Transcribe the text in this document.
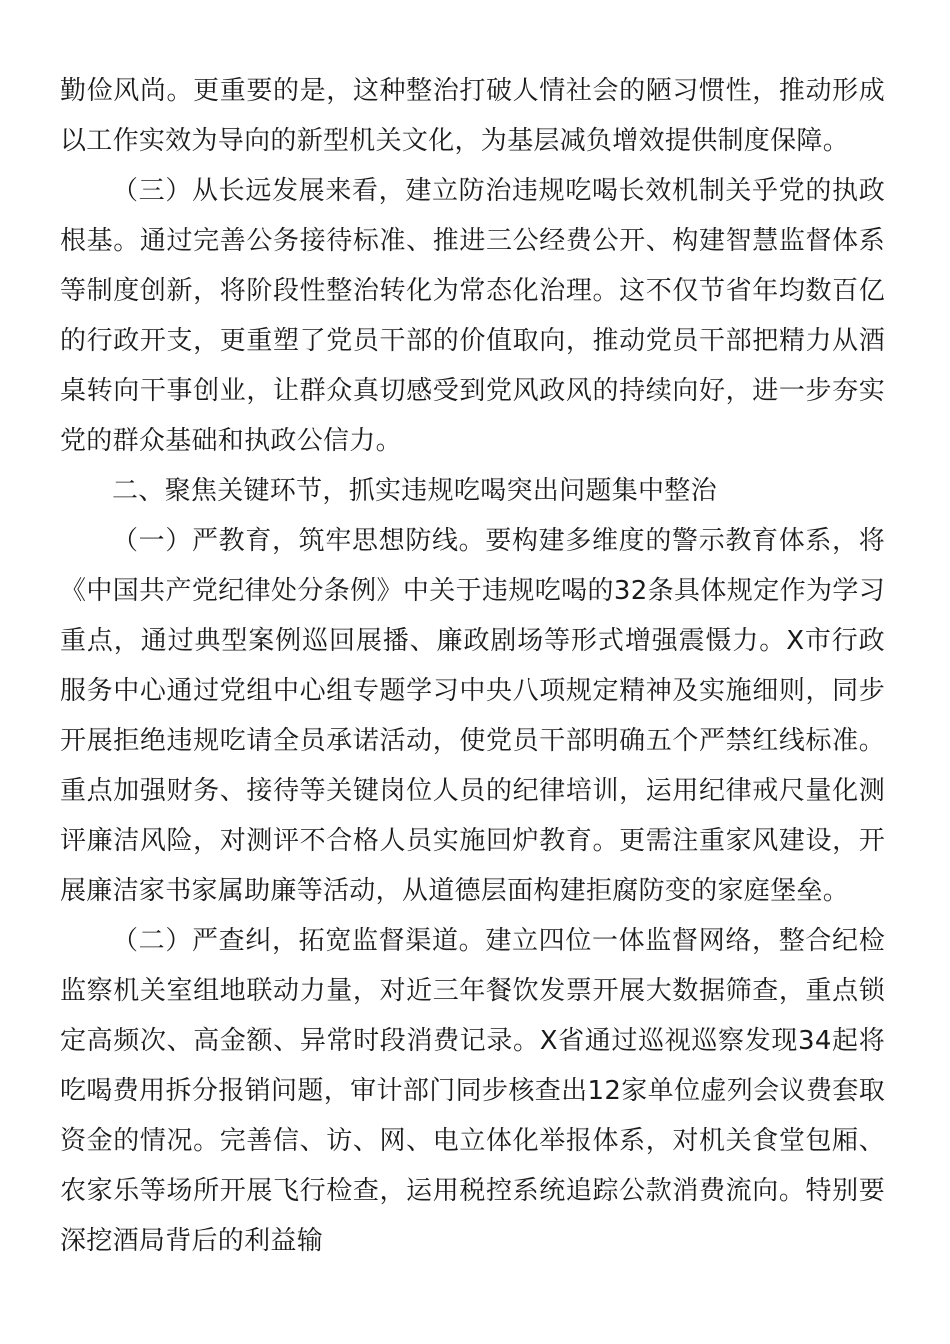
勤俭风尚。更重要的是，这种整治打破人情社会的陋习惯性，推动形成以工作实效为导向的新型机关文化，为基层减负增效提供制度保障。

（三）从长远发展来看，建立防治违规吃喝长效机制关乎党的执政根基。通过完善公务接待标准、推进三公经费公开、构建智慧监督体系等制度创新，将阶段性整治转化为常态化治理。这不仅节省年均数百亿的行政开支，更重塑了党员干部的价值取向，推动党员干部把精力从酒桌转向干事创业，让群众真切感受到党风政风的持续向好，进一步夯实党的群众基础和执政公信力。

二、聚焦关键环节，抓实违规吃喝突出问题集中整治

（一）严教育，筑牢思想防线。要构建多维度的警示教育体系，将《中国共产党纪律处分条例》中关于违规吃喝的32条具体规定作为学习重点，通过典型案例巡回展播、廉政剧场等形式增强震慑力。X市行政服务中心通过党组中心组专题学习中央八项规定精神及实施细则，同步开展拒绝违规吃请全员承诺活动，使党员干部明确五个严禁红线标准。重点加强财务、接待等关键岗位人员的纪律培训，运用纪律戒尺量化测评廉洁风险，对测评不合格人员实施回炉教育。更需注重家风建设，开展廉洁家书家属助廉等活动，从道德层面构建拒腐防变的家庭堡垒。

（二）严查纠，拓宽监督渠道。建立四位一体监督网络，整合纪检监察机关室组地联动力量，对近三年餐饮发票开展大数据筛查，重点锁定高频次、高金额、异常时段消费记录。X省通过巡视巡察发现34起将吃喝费用拆分报销问题，审计部门同步核查出12家单位虚列会议费套取资金的情况。完善信、访、网、电立体化举报体系，对机关食堂包厢、农家乐等场所开展飞行检查，运用税控系统追踪公款消费流向。特别要深挖酒局背后的利益输
